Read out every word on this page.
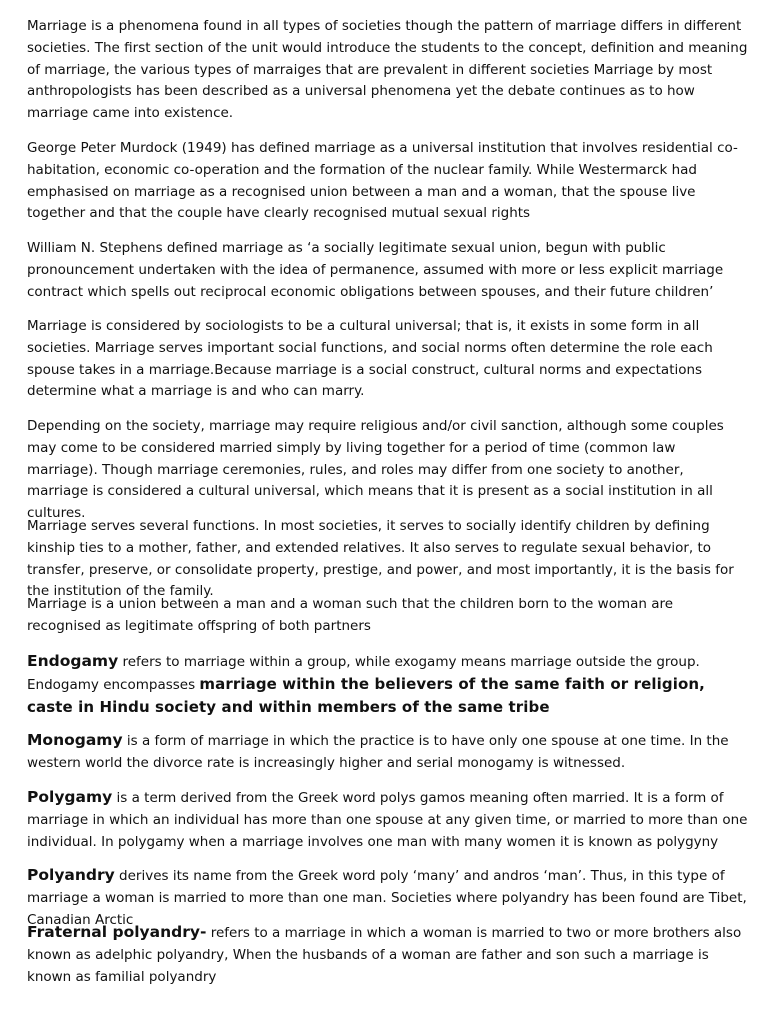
Marriage is a phenomena found in all types of societies though the pattern of marriage differs in different societies. The first section of the unit would introduce the students to the concept, definition and meaning of marriage, the various types of marraiges that are prevalent in different societies Marriage by most anthropologists has been described as a universal phenomena yet the debate continues as to how marriage came into existence.

George Peter Murdock (1949) has defined marriage as a universal institution that involves residential co-habitation, economic co-operation and the formation of the nuclear family. While Westermarck had emphasised on marriage as a recognised union between a man and a woman, that the spouse live together and that the couple have clearly recognised mutual sexual rights

William N. Stephens defined marriage as ‘a socially legitimate sexual union, begun with public pronouncement undertaken with the idea of permanence, assumed with more or less explicit marriage contract which spells out reciprocal economic obligations between spouses, and their future children’

Marriage is considered by sociologists to be a cultural universal; that is, it exists in some form in all societies. Marriage serves important social functions, and social norms often determine the role each spouse takes in a marriage.Because marriage is a social construct, cultural norms and expectations determine what a marriage is and who can marry.

Depending on the society, marriage may require religious and/or civil sanction, although some couples may come to be considered married simply by living together for a period of time (common law marriage). Though marriage ceremonies, rules, and roles may differ from one society to another, marriage is considered a cultural universal, which means that it is present as a social institution in all cultures.

Marriage serves several functions. In most societies, it serves to socially identify children by defining kinship ties to a mother, father, and extended relatives. It also serves to regulate sexual behavior, to transfer, preserve, or consolidate property, prestige, and power, and most importantly, it is the basis for the institution of the family.

Marriage is a union between a man and a woman such that the children born to the woman are recognised as legitimate offspring of both partners

Endogamy refers to marriage within a group, while exogamy means marriage outside the group. Endogamy encompasses marriage within the believers of the same faith or religion, caste in Hindu society and within members of the same tribe

Monogamy is a form of marriage in which the practice is to have only one spouse at one time. In the western world the divorce rate is increasingly higher and serial monogamy is witnessed.

Polygamy is a term derived from the Greek word polys gamos meaning often married. It is a form of marriage in which an individual has more than one spouse at any given time, or married to more than one individual. In polygamy when a marriage involves one man with many women it is known as polygyny

Polyandry derives its name from the Greek word poly ‘many’ and andros ‘man’. Thus, in this type of marriage a woman is married to more than one man. Societies where polyandry has been found are Tibet, Canadian Arctic

Fraternal polyandry- refers to a marriage in which a woman is married to two or more brothers also known as adelphic polyandry, When the husbands of a woman are father and son such a marriage is known as familial polyandry
